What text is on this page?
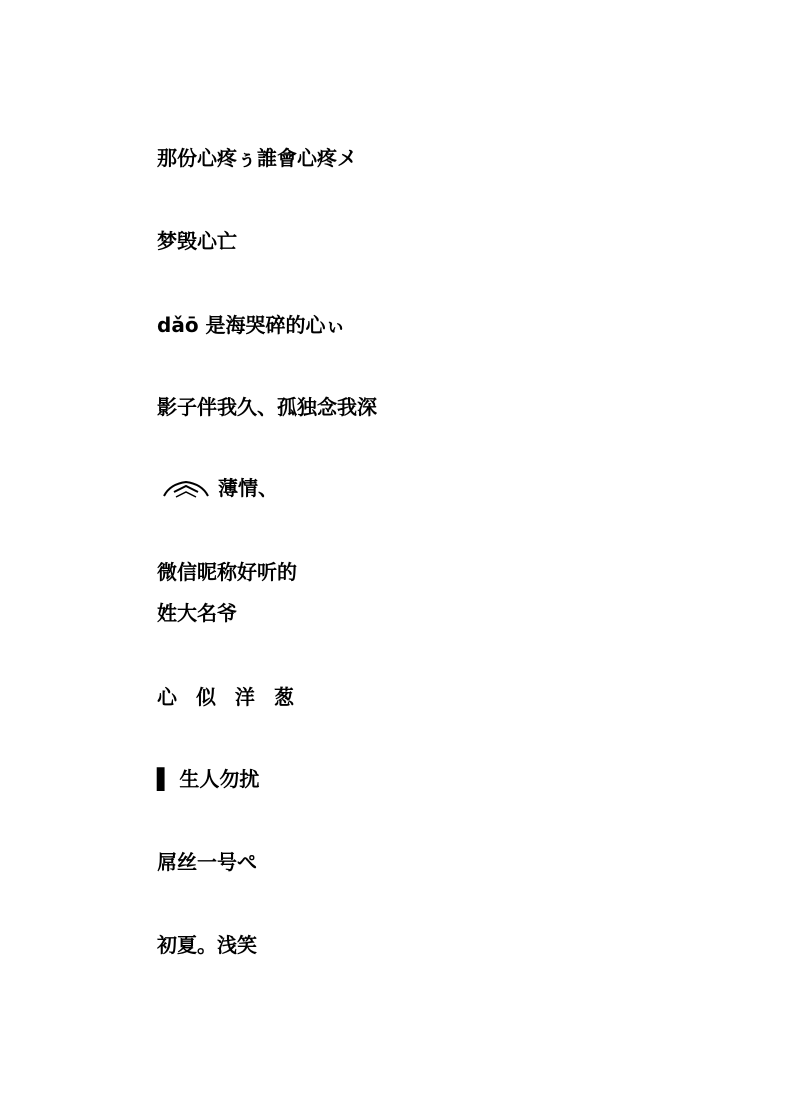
那份心疼ぅ誰會心疼メ
梦毁心亡
dǎō 是海哭碎的心ぃ
影子伴我久、孤独念我深
薄情、
微信昵称好听的
姓大名爷
心 似 洋 葱
▌ 生人勿扰
屌丝一号ぺ
初夏。浅笑
